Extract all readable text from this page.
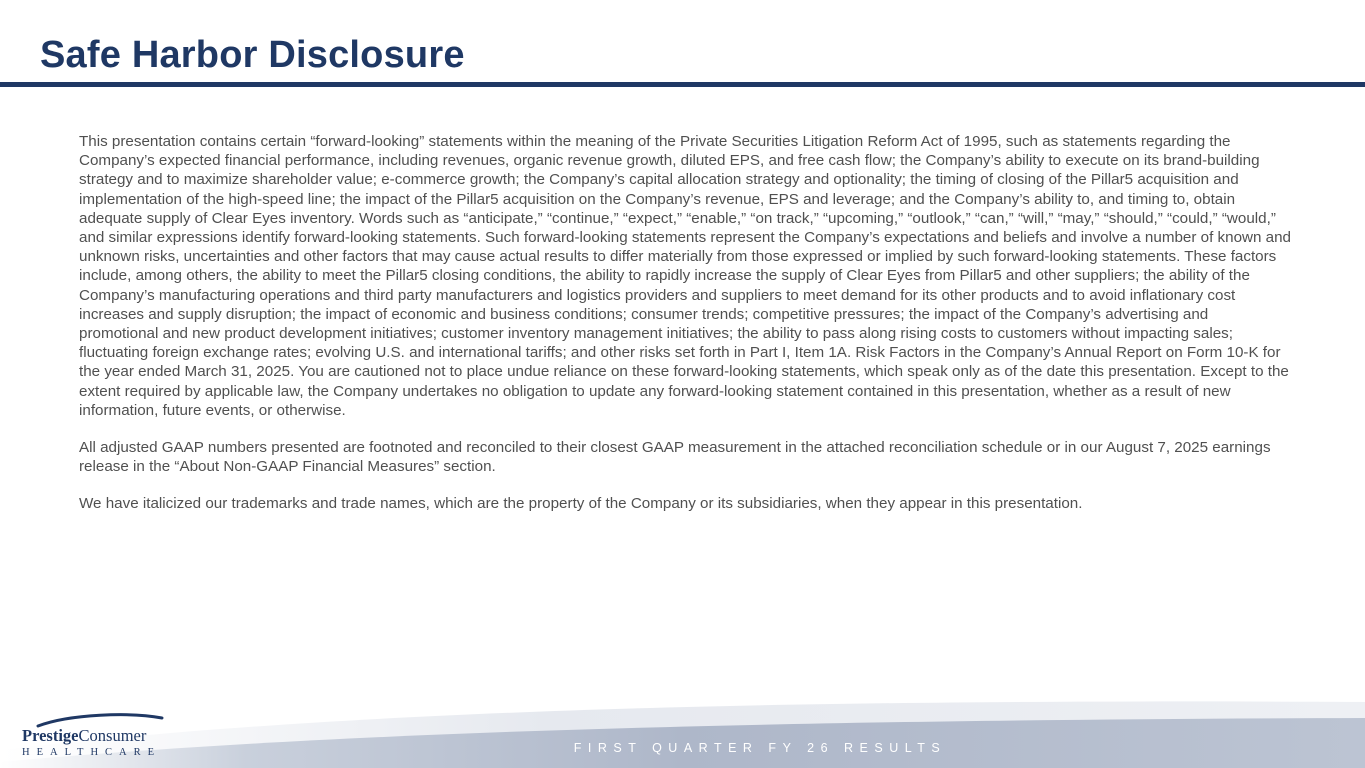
Safe Harbor Disclosure

This presentation contains certain “forward-looking” statements within the meaning of the Private Securities Litigation Reform Act of 1995, such as statements regarding the Company’s expected financial performance, including revenues, organic revenue growth, diluted EPS, and free cash flow; the Company’s ability to execute on its brand-building strategy and to maximize shareholder value; e-commerce growth; the Company’s capital allocation strategy and optionality; the timing of closing of the Pillar5 acquisition and implementation of the high-speed line; the impact of the Pillar5 acquisition on the Company’s revenue, EPS and leverage; and the Company’s ability to, and timing to, obtain adequate supply of Clear Eyes inventory. Words such as “anticipate,” “continue,” “expect,” “enable,” “on track,” “upcoming,” “outlook,” “can,” “will,” “may,” “should,” “could,” “would,” and similar expressions identify forward-looking statements. Such forward-looking statements represent the Company’s expectations and beliefs and involve a number of known and unknown risks, uncertainties and other factors that may cause actual results to differ materially from those expressed or implied by such forward-looking statements. These factors include, among others, the ability to meet the Pillar5 closing conditions, the ability to rapidly increase the supply of Clear Eyes from Pillar5 and other suppliers; the ability of the Company’s manufacturing operations and third party manufacturers and logistics providers and suppliers to meet demand for its other products and to avoid inflationary cost increases and supply disruption; the impact of economic and business conditions; consumer trends; competitive pressures; the impact of the Company’s advertising and promotional and new product development initiatives; customer inventory management initiatives; the ability to pass along rising costs to customers without impacting sales; fluctuating foreign exchange rates; evolving U.S. and international tariffs; and other risks set forth in Part I, Item 1A. Risk Factors in the Company’s Annual Report on Form 10-K for the year ended March 31, 2025. You are cautioned not to place undue reliance on these forward-looking statements, which speak only as of the date this presentation. Except to the extent required by applicable law, the Company undertakes no obligation to update any forward-looking statement contained in this presentation, whether as a result of new information, future events, or otherwise.

All adjusted GAAP numbers presented are footnoted and reconciled to their closest GAAP measurement in the attached reconciliation schedule or in our August 7, 2025 earnings release in the “About Non-GAAP Financial Measures” section.

We have italicized our trademarks and trade names, which are the property of the Company or its subsidiaries, when they appear in this presentation.

FIRST QUARTER FY 26 RESULTS
PrestigeConsumer
HEALTHCARE
